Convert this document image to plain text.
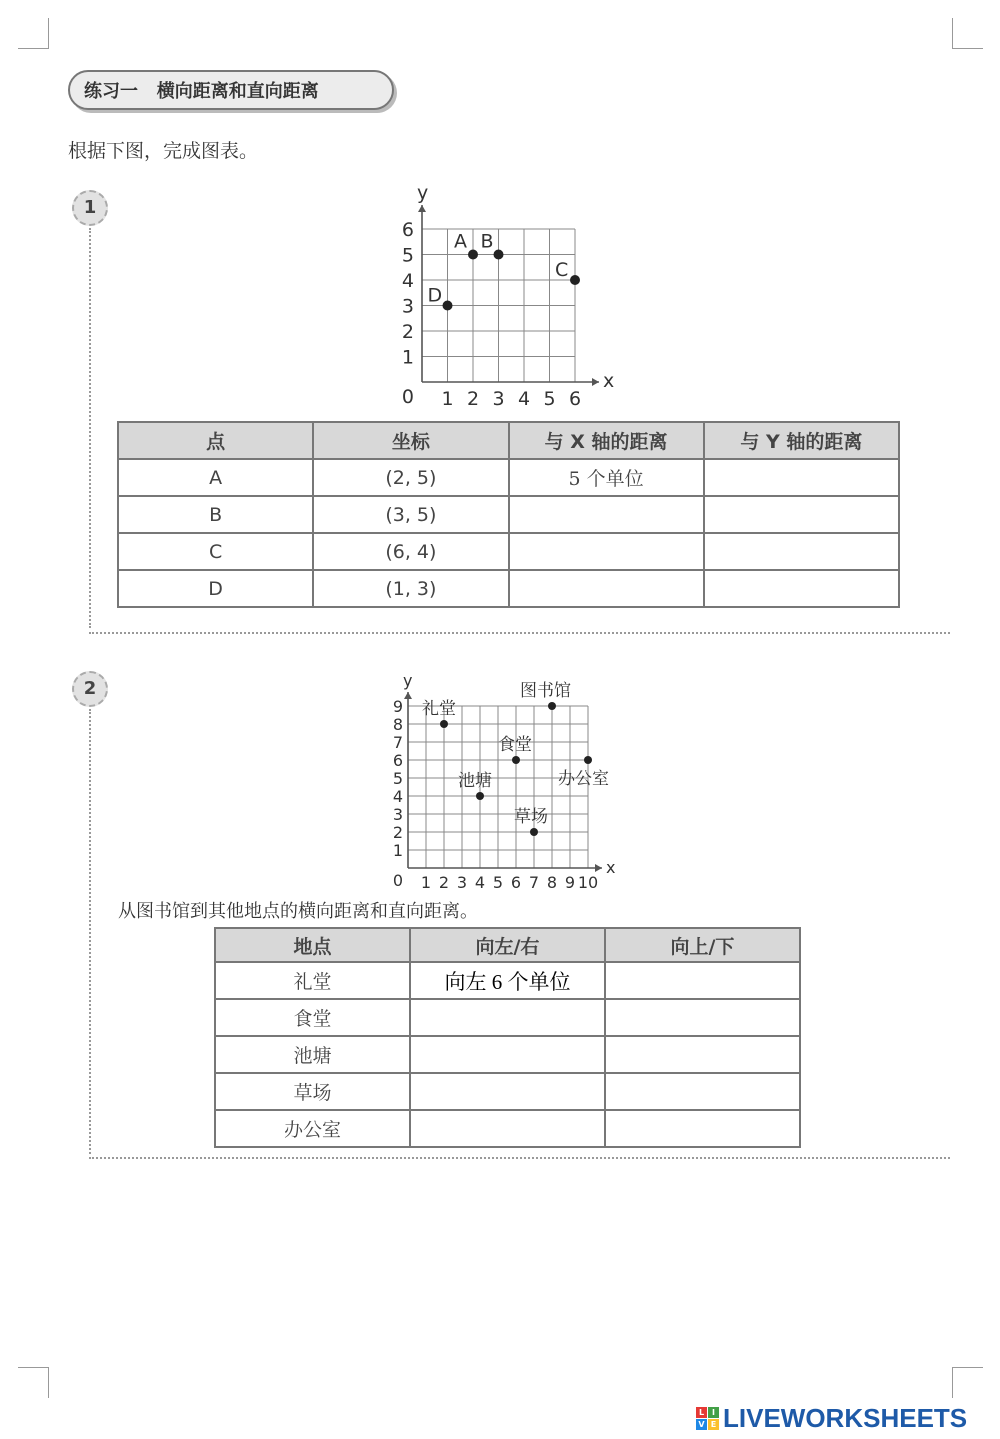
练习一   横向距离和直向距离
根据下图，完成图表。
1
x
y
1 2 3 4 5 6
1
2
3
4
5
6
0
A B
C
D
点	坐标	与 X 轴的距离	与 Y 轴的距离
A	(2, 5)	5 个单位	
B	(3, 5)		
C	(6, 4)		
D	(1, 3)		
2
x
y
1 2 3 4 5 6 7 8 9 10
1
2
3
4
5
6
7
8
9
0
礼堂
图书馆
食堂
办公室
池塘
草场
从图书馆到其他地点的横向距离和直向距离。
地点	向左/右	向上/下
礼堂	向左 6 个单位	
食堂		
池塘		
草场		
办公室		
L I
V E LIVEWORKSHEETS
